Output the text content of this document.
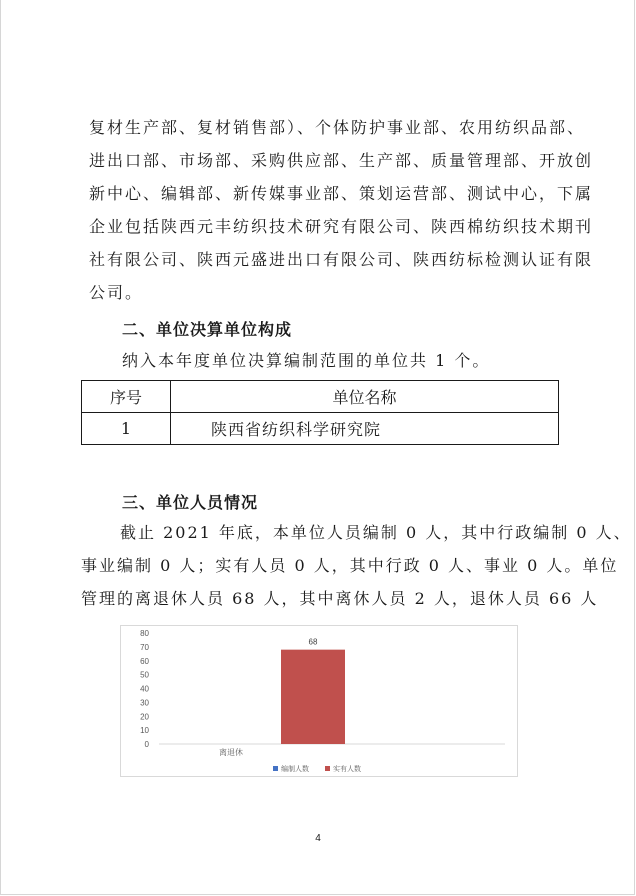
复材生产部、复材销售部）、个体防护事业部、农用纺织品部、
进出口部、市场部、采购供应部、生产部、质量管理部、开放创
新中心、编辑部、新传媒事业部、策划运营部、测试中心，下属
企业包括陕西元丰纺织技术研究有限公司、陕西棉纺织技术期刊
社有限公司、陕西元盛进出口有限公司、陕西纺标检测认证有限
公司。
二、单位决算单位构成
纳入本年度单位决算编制范围的单位共 1 个。
序号	单位名称
1	陕西省纺织科学研究院
三、单位人员情况
截止 2021 年底，本单位人员编制 0 人，其中行政编制 0 人、
事业编制 0 人；实有人员 0 人，其中行政 0 人、事业 0 人。单位
管理的离退休人员 68 人，其中离休人员 2 人，退休人员 66 人
0
10
20
30
40
50
60
70
80
68
离退休
编制人数	实有人数
4
